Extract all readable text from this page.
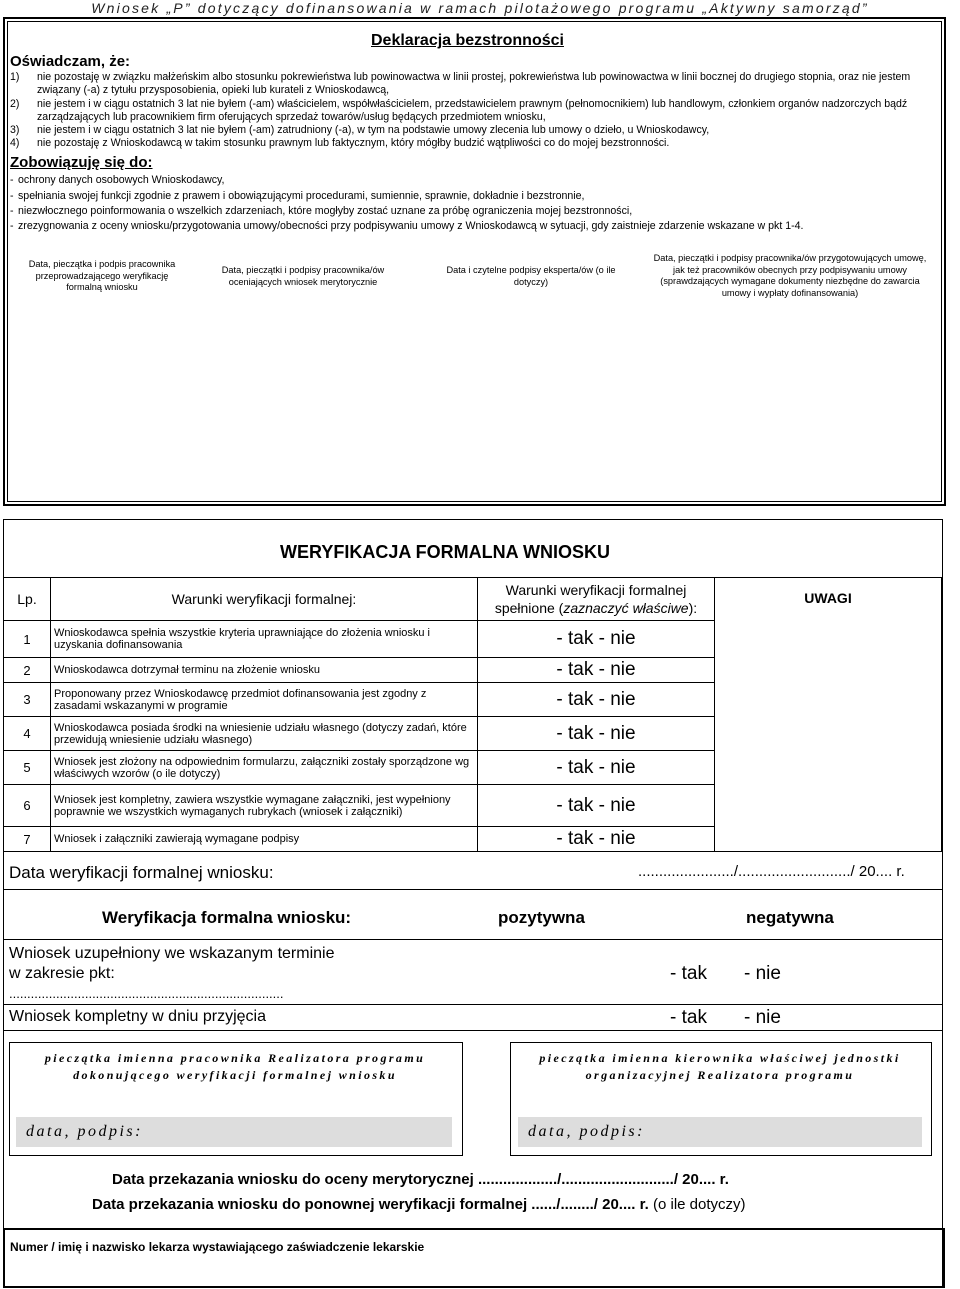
Wniosek „P” dotyczący dofinansowania w ramach pilotażowego programu „Aktywny samorząd”
Deklaracja bezstronności
Oświadczam, że:
1) nie pozostaję w związku małżeńskim albo stosunku pokrewieństwa lub powinowactwa w linii prostej, pokrewieństwa lub powinowactwa w linii bocznej do drugiego stopnia, oraz nie jestem związany (-a) z tytułu przysposobienia, opieki lub kurateli z Wnioskodawcą,
2) nie jestem i w ciągu ostatnich 3 lat nie byłem (-am) właścicielem, współwłaścicielem, przedstawicielem prawnym (pełnomocnikiem) lub handlowym, członkiem organów nadzorczych bądź zarządzających lub pracownikiem firm oferujących sprzedaż towarów/usług będących przedmiotem wniosku,
3) nie jestem i w ciągu ostatnich 3 lat nie byłem (-am) zatrudniony (-a), w tym na podstawie umowy zlecenia lub umowy o dzieło, u Wnioskodawcy,
4) nie pozostaję z Wnioskodawcą w takim stosunku prawnym lub faktycznym, który mógłby budzić wątpliwości co do mojej bezstronności.
Zobowiązuję się do:
- ochrony danych osobowych Wnioskodawcy,
- spełniania swojej funkcji zgodnie z prawem i obowiązującymi procedurami, sumiennie, sprawnie, dokładnie i bezstronnie,
- niezwłocznego poinformowania o wszelkich zdarzeniach, które mogłyby zostać uznane za próbę ograniczenia mojej bezstronności,
- zrezygnowania z oceny wniosku/przygotowania umowy/obecności przy podpisywaniu umowy z Wnioskodawcą w sytuacji, gdy zaistnieje zdarzenie wskazane w pkt 1-4.
Data, pieczątka i podpis pracownika przeprowadzającego weryfikację formalną wniosku
Data, pieczątki i podpisy pracownika/ów oceniających wniosek merytorycznie
Data i czytelne podpisy eksperta/ów (o ile dotyczy)
Data, pieczątki i podpisy pracownika/ów przygotowujących umowę, jak też pracowników obecnych przy podpisywaniu umowy (sprawdzających wymagane dokumenty niezbędne do zawarcia umowy i wypłaty dofinansowania)
WERYFIKACJA FORMALNA WNIOSKU
Lp.	Warunki weryfikacji formalnej:	Warunki weryfikacji formalnej
spełnione (zaznaczyć właściwe):	UWAGI
1	Wnioskodawca spełnia wszystkie kryteria uprawniające do złożenia wniosku i uzyskania dofinansowania	- tak - nie	
2	Wnioskodawca dotrzymał terminu na złożenie wniosku	- tak - nie	
3	Proponowany przez Wnioskodawcę przedmiot dofinansowania jest zgodny z zasadami wskazanymi w programie	- tak - nie	
4	Wnioskodawca posiada środki na wniesienie udziału własnego (dotyczy zadań, które przewidują wniesienie udziału własnego)	- tak - nie	
5	Wniosek jest złożony na odpowiednim formularzu, załączniki zostały sporządzone wg właściwych wzorów (o ile dotyczy)	- tak - nie	
6	Wniosek jest kompletny, zawiera wszystkie wymagane załączniki, jest wypełniony poprawnie we wszystkich wymaganych rubrykach (wniosek i załączniki)	- tak - nie	
7	Wniosek i załączniki zawierają wymagane podpisy	- tak - nie	
Data weryfikacji formalnej wniosku:	......................./.........................../ 20.... r.
Weryfikacja formalna wniosku:	pozytywna	negatywna
Wniosek uzupełniony we wskazanym terminie
w zakresie pkt:
............................................................................
- tak - nie
Wniosek kompletny w dniu przyjęcia	- tak - nie
pieczątka imienna pracownika Realizatora programu dokonującego weryfikacji formalnej wniosku
data, podpis:
pieczątka imienna kierownika właściwej jednostki organizacyjnej Realizatora programu
data, podpis:
Data przekazania wniosku do oceny merytorycznej .................../.........................../ 20.... r.
Data przekazania wniosku do ponownej weryfikacji formalnej ....../......../ 20.... r. (o ile dotyczy)
Numer / imię i nazwisko lekarza wystawiającego zaświadczenie lekarskie
